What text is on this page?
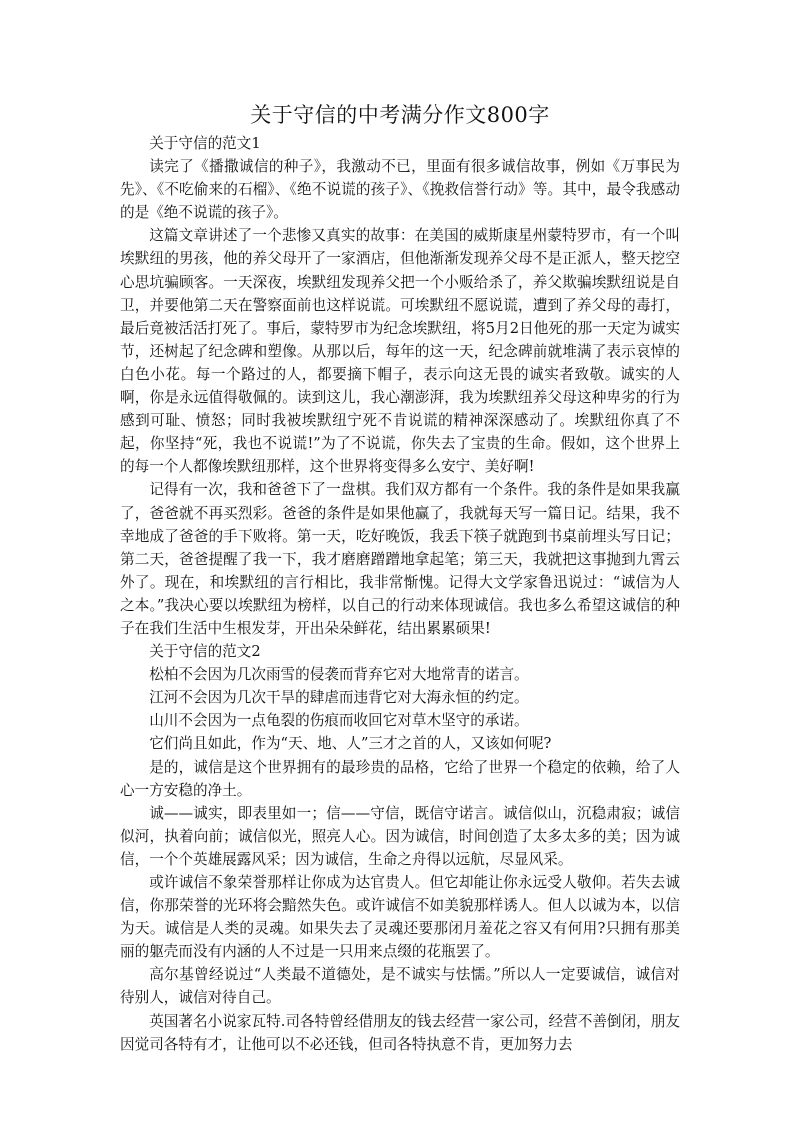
关于守信的中考满分作文800字

关于守信的范文1

读完了《播撒诚信的种子》，我激动不已，里面有很多诚信故事，例如《万事民为先》、《不吃偷来的石榴》、《绝不说谎的孩子》、《挽救信誉行动》等。其中，最令我感动的是《绝不说谎的孩子》。

这篇文章讲述了一个悲惨又真实的故事：在美国的威斯康星州蒙特罗市，有一个叫埃默纽的男孩，他的养父母开了一家酒店，但他渐渐发现养父母不是正派人，整天挖空心思坑骗顾客。一天深夜，埃默纽发现养父把一个小贩给杀了，养父欺骗埃默纽说是自卫，并要他第二天在警察面前也这样说谎。可埃默纽不愿说谎，遭到了养父母的毒打，最后竟被活活打死了。事后，蒙特罗市为纪念埃默纽，将5月2日他死的那一天定为诚实节，还树起了纪念碑和塑像。从那以后，每年的这一天，纪念碑前就堆满了表示哀悼的白色小花。每一个路过的人，都要摘下帽子，表示向这无畏的诚实者致敬。诚实的人啊，你是永远值得敬佩的。读到这儿，我心潮澎湃，我为埃默纽养父母这种卑劣的行为感到可耻、愤怒；同时我被埃默纽宁死不肯说谎的精神深深感动了。埃默纽你真了不起，你坚持“死，我也不说谎!”为了不说谎，你失去了宝贵的生命。假如，这个世界上的每一个人都像埃默纽那样，这个世界将变得多么安宁、美好啊!

记得有一次，我和爸爸下了一盘棋。我们双方都有一个条件。我的条件是如果我赢了，爸爸就不再买烈彩。爸爸的条件是如果他赢了，我就每天写一篇日记。结果，我不幸地成了爸爸的手下败将。第一天，吃好晚饭，我丢下筷子就跑到书桌前埋头写日记；第二天，爸爸提醒了我一下，我才磨磨蹭蹭地拿起笔；第三天，我就把这事抛到九霄云外了。现在，和埃默纽的言行相比，我非常惭愧。记得大文学家鲁迅说过：“诚信为人之本。”我决心要以埃默纽为榜样，以自己的行动来体现诚信。我也多么希望这诚信的种子在我们生活中生根发芽，开出朵朵鲜花，结出累累硕果!

关于守信的范文2

松柏不会因为几次雨雪的侵袭而背弃它对大地常青的诺言。

江河不会因为几次干旱的肆虐而违背它对大海永恒的约定。

山川不会因为一点龟裂的伤痕而收回它对草木坚守的承诺。

它们尚且如此，作为“天、地、人”三才之首的人，又该如何呢?

是的，诚信是这个世界拥有的最珍贵的品格，它给了世界一个稳定的依赖，给了人心一方安稳的净土。

诚——诚实，即表里如一；信——守信，既信守诺言。诚信似山，沉稳肃寂；诚信似河，执着向前；诚信似光，照亮人心。因为诚信，时间创造了太多太多的美；因为诚信，一个个英雄展露风采；因为诚信，生命之舟得以远航，尽显风采。

或许诚信不象荣誉那样让你成为达官贵人。但它却能让你永远受人敬仰。若失去诚信，你那荣誉的光环将会黯然失色。或许诚信不如美貌那样诱人。但人以诚为本，以信为天。诚信是人类的灵魂。如果失去了灵魂还要那闭月羞花之容又有何用?只拥有那美丽的躯壳而没有内涵的人不过是一只用来点缀的花瓶罢了。

高尔基曾经说过“人类最不道德处，是不诚实与怯懦。”所以人一定要诚信，诚信对待别人，诚信对待自己。

英国著名小说家瓦特.司各特曾经借朋友的钱去经营一家公司，经营不善倒闭，朋友因觉司各特有才，让他可以不必还钱，但司各特执意不肯，更加努力去
